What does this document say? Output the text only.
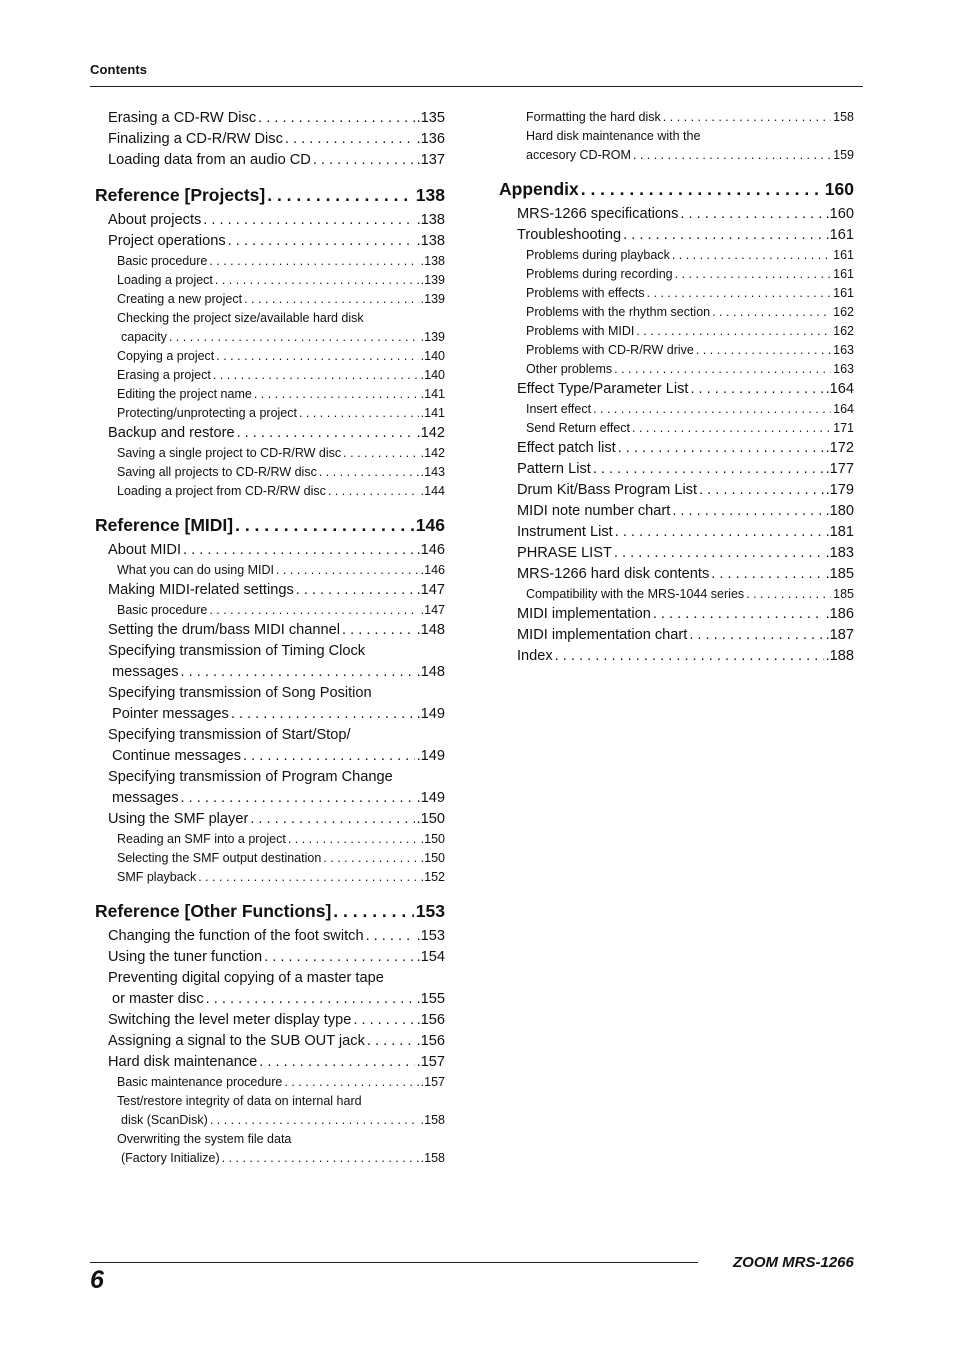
Contents
Erasing a CD-RW Disc . . .	.135
Finalizing a CD-R/RW Disc . . .	.136
Loading data from an audio CD . . .	.137
Reference [Projects] . . .	138
About projects . . .	.138
Project operations . . .	.138
Basic procedure . . .	.138
Loading a project . . .	.139
Creating a new project . . .	.139
Checking the project size/available hard disk
capacity . . .	.139
Copying a project . . .	.140
Erasing a project . . .	.140
Editing the project name . . .	.141
Protecting/unprotecting a project . . .	.141
Backup and restore . . .	.142
Saving a single project to CD-R/RW disc . . .	.142
Saving all projects to CD-R/RW disc . . .	.143
Loading a project from CD-R/RW disc . . .	.144
Reference [MIDI] . . .	146
About MIDI . . .	.146
What you can do using MIDI . . .	.146
Making MIDI-related settings . . .	.147
Basic procedure . . .	.147
Setting the drum/bass MIDI channel . . .	.148
Specifying transmission of Timing Clock
messages . . .	.148
Specifying transmission of Song Position
Pointer messages . . .	.149
Specifying transmission of Start/Stop/
Continue messages . . .	.149
Specifying transmission of Program Change
messages . . .	.149
Using the SMF player . . .	.150
Reading an SMF into a project . . .	.150
Selecting the SMF output destination . . .	.150
SMF playback . . .	.152
Reference [Other Functions] . . .	153
Changing the function of the foot switch . . .	.153
Using the tuner function . . .	.154
Preventing digital copying of a master tape
or master disc . . .	.155
Switching the level meter display type . . .	.156
Assigning a signal to the SUB OUT jack . . .	.156
Hard disk maintenance . . .	.157
Basic maintenance procedure . . .	.157
Test/restore integrity of data on internal hard
disk (ScanDisk) . . .	.158
Overwriting the system file data
(Factory Initialize) . . .	.158
Formatting the hard disk . . .	158
Hard disk maintenance with the
accesory CD-ROM . . .	159
Appendix . . .	160
MRS-1266 specifications . . .	.160
Troubleshooting . . .	.161
Problems during playback . . .	161
Problems during recording . . .	161
Problems with effects . . .	161
Problems with the rhythm section . . .	162
Problems with MIDI . . .	162
Problems with CD-R/RW drive . . .	163
Other problems . . .	163
Effect Type/Parameter List . . .	.164
Insert effect . . .	164
Send Return effect . . .	171
Effect patch list . . .	.172
Pattern List . . .	.177
Drum Kit/Bass Program List . . .	.179
MIDI note number chart . . .	.180
Instrument List . . .	.181
PHRASE LIST . . .	.183
MRS-1266 hard disk contents . . .	.185
Compatibility with the MRS-1044 series . . .	185
MIDI implementation . . .	.186
MIDI implementation chart . . .	.187
Index . . .	.188
ZOOM MRS-1266
6
